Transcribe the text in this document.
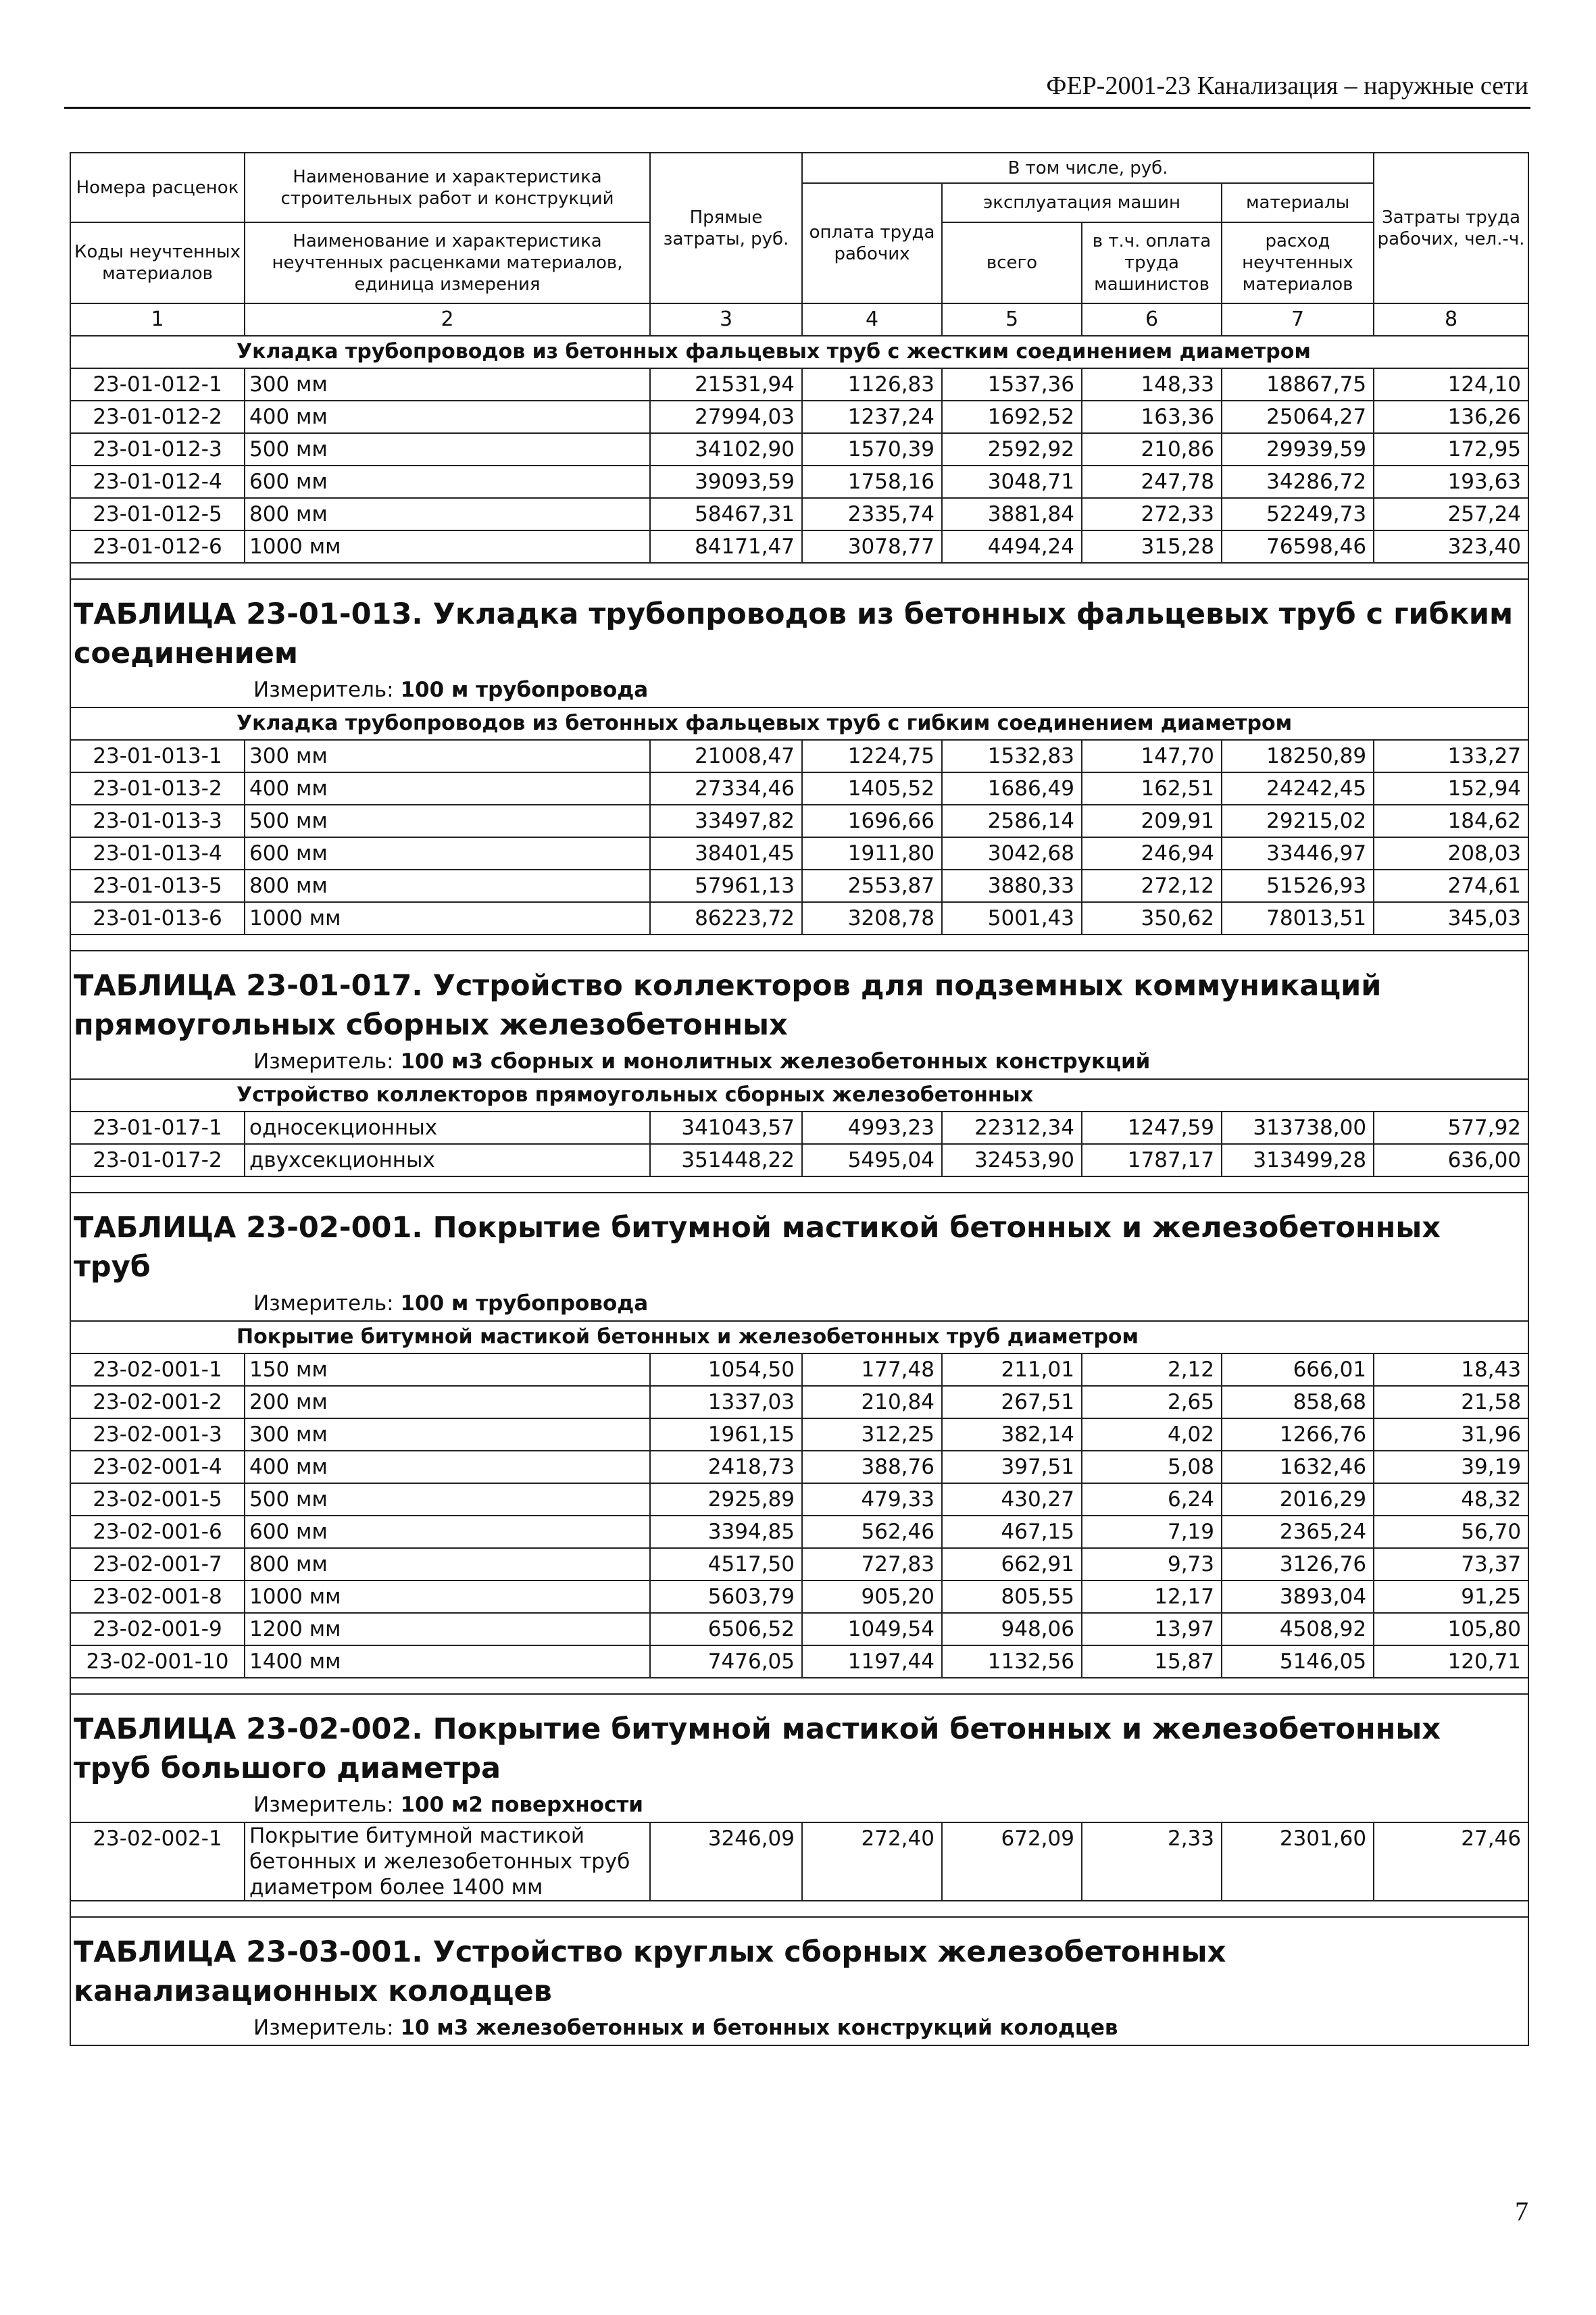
ФЕР-2001-23 Канализация – наружные сети
Номера расценок	Наименование и характеристика строительных работ и конструкций	Прямые затраты, руб.	В том числе, руб.				Затраты труда рабочих, чел.-ч.
			оплата труда рабочих	эксплуатация машин		материалы	
Коды неучтенных материалов	Наименование и характеристика неучтенных расценками материалов, единица измерения			всего	в т.ч. оплата труда машинистов	расход неучтенных материалов	

1	2	3	4	5	6	7	8
Укладка трубопроводов из бетонных фальцевых труб с жестким соединением диаметром							
23-01-012-1	300 мм	21531,94	1126,83	1537,36	148,33	18867,75	124,10
23-01-012-2	400 мм	27994,03	1237,24	1692,52	163,36	25064,27	136,26
23-01-012-3	500 мм	34102,90	1570,39	2592,92	210,86	29939,59	172,95
23-01-012-4	600 мм	39093,59	1758,16	3048,71	247,78	34286,72	193,63
23-01-012-5	800 мм	58467,31	2335,74	3881,84	272,33	52249,73	257,24
23-01-012-6	1000 мм	84171,47	3078,77	4494,24	315,28	76598,46	323,40

ТАБЛИЦА 23-01-013. Укладка трубопроводов из бетонных фальцевых труб с гибким соединением							
Измеритель: 100 м трубопровода							
Укладка трубопроводов из бетонных фальцевых труб с гибким соединением диаметром							
23-01-013-1	300 мм	21008,47	1224,75	1532,83	147,70	18250,89	133,27
23-01-013-2	400 мм	27334,46	1405,52	1686,49	162,51	24242,45	152,94
23-01-013-3	500 мм	33497,82	1696,66	2586,14	209,91	29215,02	184,62
23-01-013-4	600 мм	38401,45	1911,80	3042,68	246,94	33446,97	208,03
23-01-013-5	800 мм	57961,13	2553,87	3880,33	272,12	51526,93	274,61
23-01-013-6	1000 мм	86223,72	3208,78	5001,43	350,62	78013,51	345,03

ТАБЛИЦА 23-01-017. Устройство коллекторов для подземных коммуникаций прямоугольных сборных железобетонных							
Измеритель: 100 м3 сборных и монолитных железобетонных конструкций							
Устройство коллекторов прямоугольных сборных железобетонных							
23-01-017-1	односекционных	341043,57	4993,23	22312,34	1247,59	313738,00	577,92
23-01-017-2	двухсекционных	351448,22	5495,04	32453,90	1787,17	313499,28	636,00

ТАБЛИЦА 23-02-001. Покрытие битумной мастикой бетонных и железобетонных труб							
Измеритель: 100 м трубопровода							
Покрытие битумной мастикой бетонных и железобетонных труб диаметром							
23-02-001-1	150 мм	1054,50	177,48	211,01	2,12	666,01	18,43
23-02-001-2	200 мм	1337,03	210,84	267,51	2,65	858,68	21,58
23-02-001-3	300 мм	1961,15	312,25	382,14	4,02	1266,76	31,96
23-02-001-4	400 мм	2418,73	388,76	397,51	5,08	1632,46	39,19
23-02-001-5	500 мм	2925,89	479,33	430,27	6,24	2016,29	48,32
23-02-001-6	600 мм	3394,85	562,46	467,15	7,19	2365,24	56,70
23-02-001-7	800 мм	4517,50	727,83	662,91	9,73	3126,76	73,37
23-02-001-8	1000 мм	5603,79	905,20	805,55	12,17	3893,04	91,25
23-02-001-9	1200 мм	6506,52	1049,54	948,06	13,97	4508,92	105,80
23-02-001-10	1400 мм	7476,05	1197,44	1132,56	15,87	5146,05	120,71

ТАБЛИЦА 23-02-002. Покрытие битумной мастикой бетонных и железобетонных труб большого диаметра							
Измеритель: 100 м2 поверхности							
23-02-002-1	Покрытие битумной мастикой бетонных и железобетонных труб диаметром более 1400 мм	3246,09	272,40	672,09	2,33	2301,60	27,46

ТАБЛИЦА 23-03-001. Устройство круглых сборных железобетонных канализационных колодцев							
Измеритель: 10 м3 железобетонных и бетонных конструкций колодцев							
7
